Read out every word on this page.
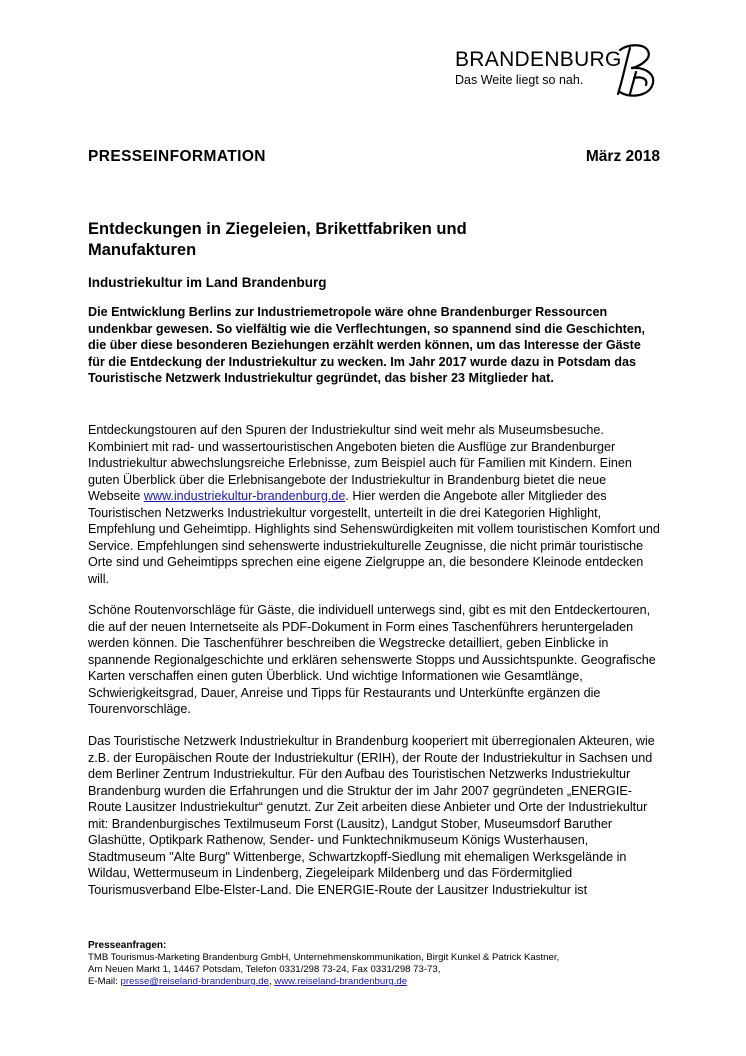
BRANDENBURG
Das Weite liegt so nah.
PRESSEINFORMATION	März 2018
Entdeckungen in Ziegeleien, Brikettfabriken und Manufakturen
Industriekultur im Land Brandenburg

Die Entwicklung Berlins zur Industriemetropole wäre ohne Brandenburger Ressourcen undenkbar gewesen. So vielfältig wie die Verflechtungen, so spannend sind die Geschichten, die über diese besonderen Beziehungen erzählt werden können, um das Interesse der Gäste für die Entdeckung der Industriekultur zu wecken. Im Jahr 2017 wurde dazu in Potsdam das Touristische Netzwerk Industriekultur gegründet, das bisher 23 Mitglieder hat.

Entdeckungstouren auf den Spuren der Industriekultur sind weit mehr als Museumsbesuche. Kombiniert mit rad- und wassertouristischen Angeboten bieten die Ausflüge zur Brandenburger Industriekultur abwechslungsreiche Erlebnisse, zum Beispiel auch für Familien mit Kindern. Einen guten Überblick über die Erlebnisangebote der Industriekultur in Brandenburg bietet die neue Webseite www.industriekultur-brandenburg.de. Hier werden die Angebote aller Mitglieder des Touristischen Netzwerks Industriekultur vorgestellt, unterteilt in die drei Kategorien Highlight, Empfehlung und Geheimtipp. Highlights sind Sehenswürdigkeiten mit vollem touristischen Komfort und Service. Empfehlungen sind sehenswerte industriekulturelle Zeugnisse, die nicht primär touristische Orte sind und Geheimtipps sprechen eine eigene Zielgruppe an, die besondere Kleinode entdecken will.

Schöne Routenvorschläge für Gäste, die individuell unterwegs sind, gibt es mit den Entdeckertouren, die auf der neuen Internetseite als PDF-Dokument in Form eines Taschenführers heruntergeladen werden können. Die Taschenführer beschreiben die Wegstrecke detailliert, geben Einblicke in spannende Regionalgeschichte und erklären sehenswerte Stopps und Aussichtspunkte. Geografische Karten verschaffen einen guten Überblick. Und wichtige Informationen wie Gesamtlänge, Schwierigkeitsgrad, Dauer, Anreise und Tipps für Restaurants und Unterkünfte ergänzen die Tourenvorschläge.

Das Touristische Netzwerk Industriekultur in Brandenburg kooperiert mit überregionalen Akteuren, wie z.B. der Europäischen Route der Industriekultur (ERIH), der Route der Industriekultur in Sachsen und dem Berliner Zentrum Industriekultur. Für den Aufbau des Touristischen Netzwerks Industriekultur Brandenburg wurden die Erfahrungen und die Struktur der im Jahr 2007 gegründeten „ENERGIE-Route Lausitzer Industriekultur“ genutzt. Zur Zeit arbeiten diese Anbieter und Orte der Industriekultur mit: Brandenburgisches Textilmuseum Forst (Lausitz), Landgut Stober, Museumsdorf Baruther Glashütte, Optikpark Rathenow, Sender- und Funktechnikmuseum Königs Wusterhausen, Stadtmuseum "Alte Burg" Wittenberge, Schwartzkopff-Siedlung mit ehemaligen Werksgelände in Wildau, Wettermuseum in Lindenberg, Ziegeleipark Mildenberg und das Fördermitglied Tourismusverband Elbe-Elster-Land. Die ENERGIE-Route der Lausitzer Industriekultur ist

Presseanfragen:
TMB Tourismus-Marketing Brandenburg GmbH, Unternehmenskommunikation, Birgit Kunkel & Patrick Kastner,
Am Neuen Markt 1, 14467 Potsdam, Telefon 0331/298 73-24, Fax 0331/298 73-73,
E-Mail: presse@reiseland-brandenburg.de, www.reiseland-brandenburg.de
